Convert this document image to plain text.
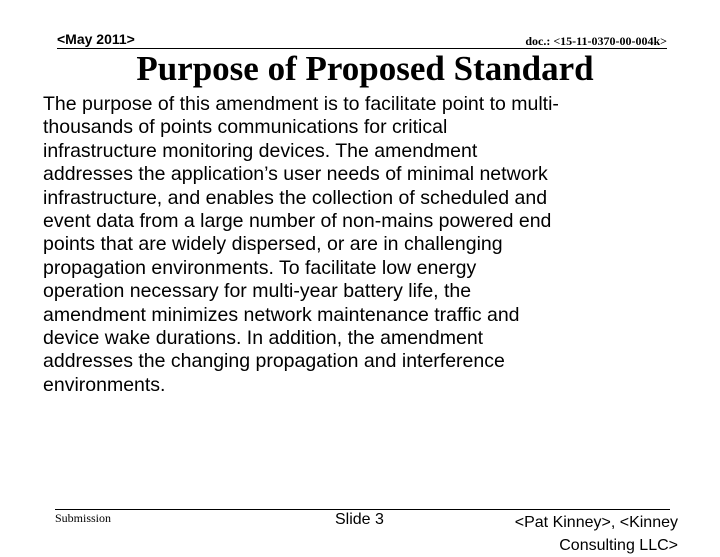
<May 2011>	doc.: <15-11-0370-00-004k>
Purpose of Proposed Standard

The purpose of this amendment is to facilitate point to multi-
thousands of points communications for critical
infrastructure monitoring devices. The amendment
addresses the application’s user needs of minimal network
infrastructure, and enables the collection of scheduled and
event data from a large number of non-mains powered end
points that are widely dispersed, or are in challenging
propagation environments. To facilitate low energy
operation necessary for multi-year battery life, the
amendment minimizes network maintenance traffic and
device wake durations. In addition, the amendment
addresses the changing propagation and interference
environments.

Submission	Slide 3	<Pat Kinney>, <Kinney
Consulting LLC>
